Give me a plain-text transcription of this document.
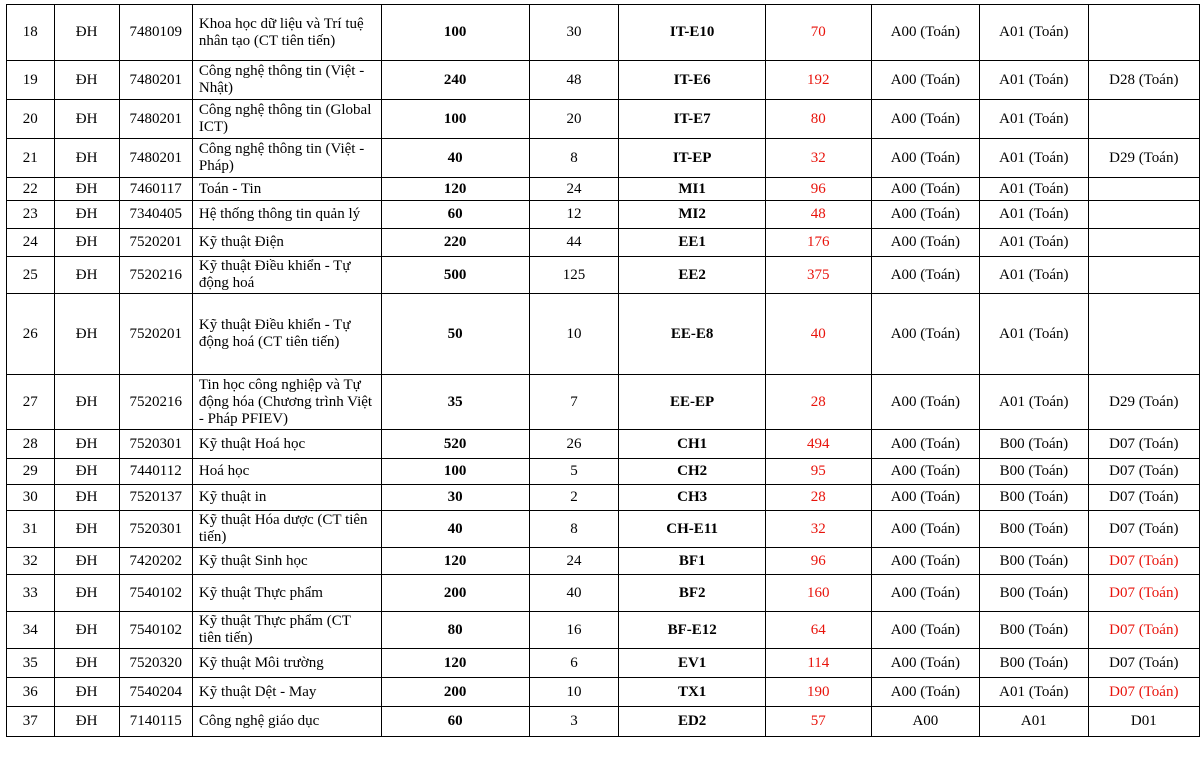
18	ĐH	7480109	Khoa học dữ liệu và Trí tuệ nhân tạo (CT tiên tiến)	100	30	IT-E10	70	A00 (Toán)	A01 (Toán)	
19	ĐH	7480201	Công nghệ thông tin (Việt - Nhật)	240	48	IT-E6	192	A00 (Toán)	A01 (Toán)	D28 (Toán)
20	ĐH	7480201	Công nghệ thông tin (Global ICT)	100	20	IT-E7	80	A00 (Toán)	A01 (Toán)	
21	ĐH	7480201	Công nghệ thông tin (Việt - Pháp)	40	8	IT-EP	32	A00 (Toán)	A01 (Toán)	D29 (Toán)
22	ĐH	7460117	Toán - Tin	120	24	MI1	96	A00 (Toán)	A01 (Toán)	
23	ĐH	7340405	Hệ thống thông tin quản lý	60	12	MI2	48	A00 (Toán)	A01 (Toán)	
24	ĐH	7520201	Kỹ thuật Điện	220	44	EE1	176	A00 (Toán)	A01 (Toán)	
25	ĐH	7520216	Kỹ thuật Điều khiển - Tự động hoá	500	125	EE2	375	A00 (Toán)	A01 (Toán)	
26	ĐH	7520201	Kỹ thuật Điều khiển - Tự động hoá (CT tiên tiến)	50	10	EE-E8	40	A00 (Toán)	A01 (Toán)	
27	ĐH	7520216	Tin học công nghiệp và Tự động hóa (Chương trình Việt - Pháp PFIEV)	35	7	EE-EP	28	A00 (Toán)	A01 (Toán)	D29 (Toán)
28	ĐH	7520301	Kỹ thuật Hoá học	520	26	CH1	494	A00 (Toán)	B00 (Toán)	D07 (Toán)
29	ĐH	7440112	Hoá học	100	5	CH2	95	A00 (Toán)	B00 (Toán)	D07 (Toán)
30	ĐH	7520137	Kỹ thuật in	30	2	CH3	28	A00 (Toán)	B00 (Toán)	D07 (Toán)
31	ĐH	7520301	Kỹ thuật Hóa dược (CT tiên tiến)	40	8	CH-E11	32	A00 (Toán)	B00 (Toán)	D07 (Toán)
32	ĐH	7420202	Kỹ thuật Sinh học	120	24	BF1	96	A00 (Toán)	B00 (Toán)	D07 (Toán)
33	ĐH	7540102	Kỹ thuật Thực phẩm	200	40	BF2	160	A00 (Toán)	B00 (Toán)	D07 (Toán)
34	ĐH	7540102	Kỹ thuật Thực phẩm (CT tiên tiến)	80	16	BF-E12	64	A00 (Toán)	B00 (Toán)	D07 (Toán)
35	ĐH	7520320	Kỹ thuật Môi trường	120	6	EV1	114	A00 (Toán)	B00 (Toán)	D07 (Toán)
36	ĐH	7540204	Kỹ thuật Dệt - May	200	10	TX1	190	A00 (Toán)	A01 (Toán)	D07 (Toán)
37	ĐH	7140115	Công nghệ giáo dục	60	3	ED2	57	A00	A01	D01
